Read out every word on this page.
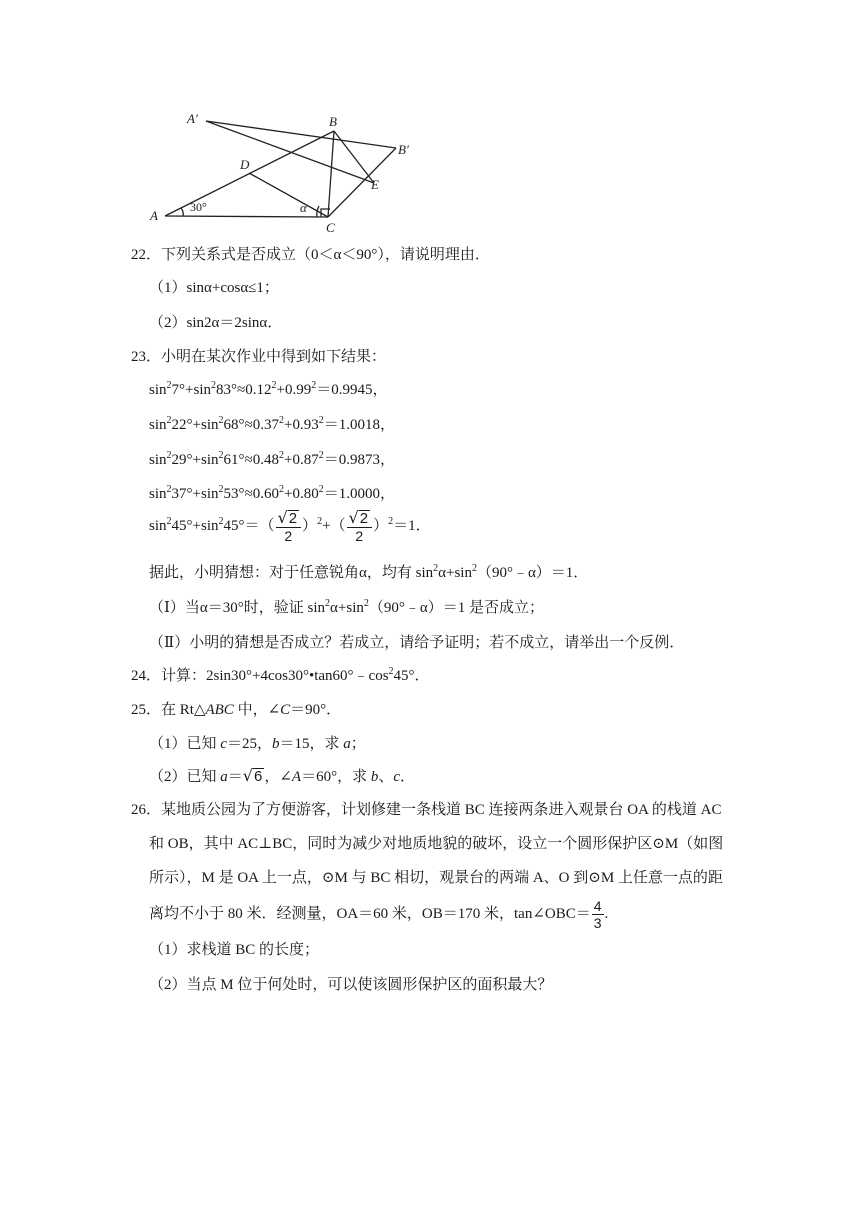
A′	B
B′
D
E
A
C
α
30°
22．下列关系式是否成立（0＜α＜90°），请说明理由．
（1）sinα+cosα≤1；
（2）sin2α＝2sinα．
23．小明在某次作业中得到如下结果：
$\sin^27^\circ+\sin^283^\circ\approx 0.12^2+0.99^2=0.9945$，
$\sin^222^\circ+\sin^268^\circ\approx 0.37^2+0.93^2=1.0018$，
$\sin^229^\circ+\sin^261^\circ\approx 0.48^2+0.87^2=0.9873$，
$\sin^237^\circ+\sin^253^\circ\approx 0.60^2+0.80^2=1.0000$，
$\sin^245^\circ+\sin^245^\circ=( \frac{√2}{2} )^2+( \frac{√2}{2} )^2=1$．
据此，小明猜想：对于任意锐角α，均有 $\sin^2\alpha+\sin^2(90^\circ﹣\alpha)=1$．
（Ⅰ）当α＝30°时，验证 $\sin^2\alpha+\sin^2(90^\circ﹣\alpha)=1$ 是否成立；
（Ⅱ）小明的猜想是否成立？若成立，请给予证明；若不成立，请举出一个反例．
24．计算：$2\sin 30^\circ+4\cos 30^\circ•\tan 60^\circ﹣\cos^245^\circ$．
25．在 Rt△ABC 中，∠C＝90°．
（1）已知 c＝25，b＝15，求 a；
（2）已知 a＝√6 ，∠A＝60°，求 b、c．
26．某地质公园为了方便游客，计划修建一条栈道 BC 连接两条进入观景台 OA 的栈道 AC
和 OB，其中 AC⊥BC，同时为减少对地质地貌的破坏，设立一个圆形保护区⊙M（如图
所示），M 是 OA 上一点，⊙M 与 BC 相切，观景台的两端 A、O 到⊙M 上任意一点的距
离均不小于 80 米．经测量，OA＝60 米，OB＝170 米，tan∠OBC＝ $\frac{4}{3}$ .
（1）求栈道 BC 的长度；
（2）当点 M 位于何处时，可以使该圆形保护区的面积最大？
